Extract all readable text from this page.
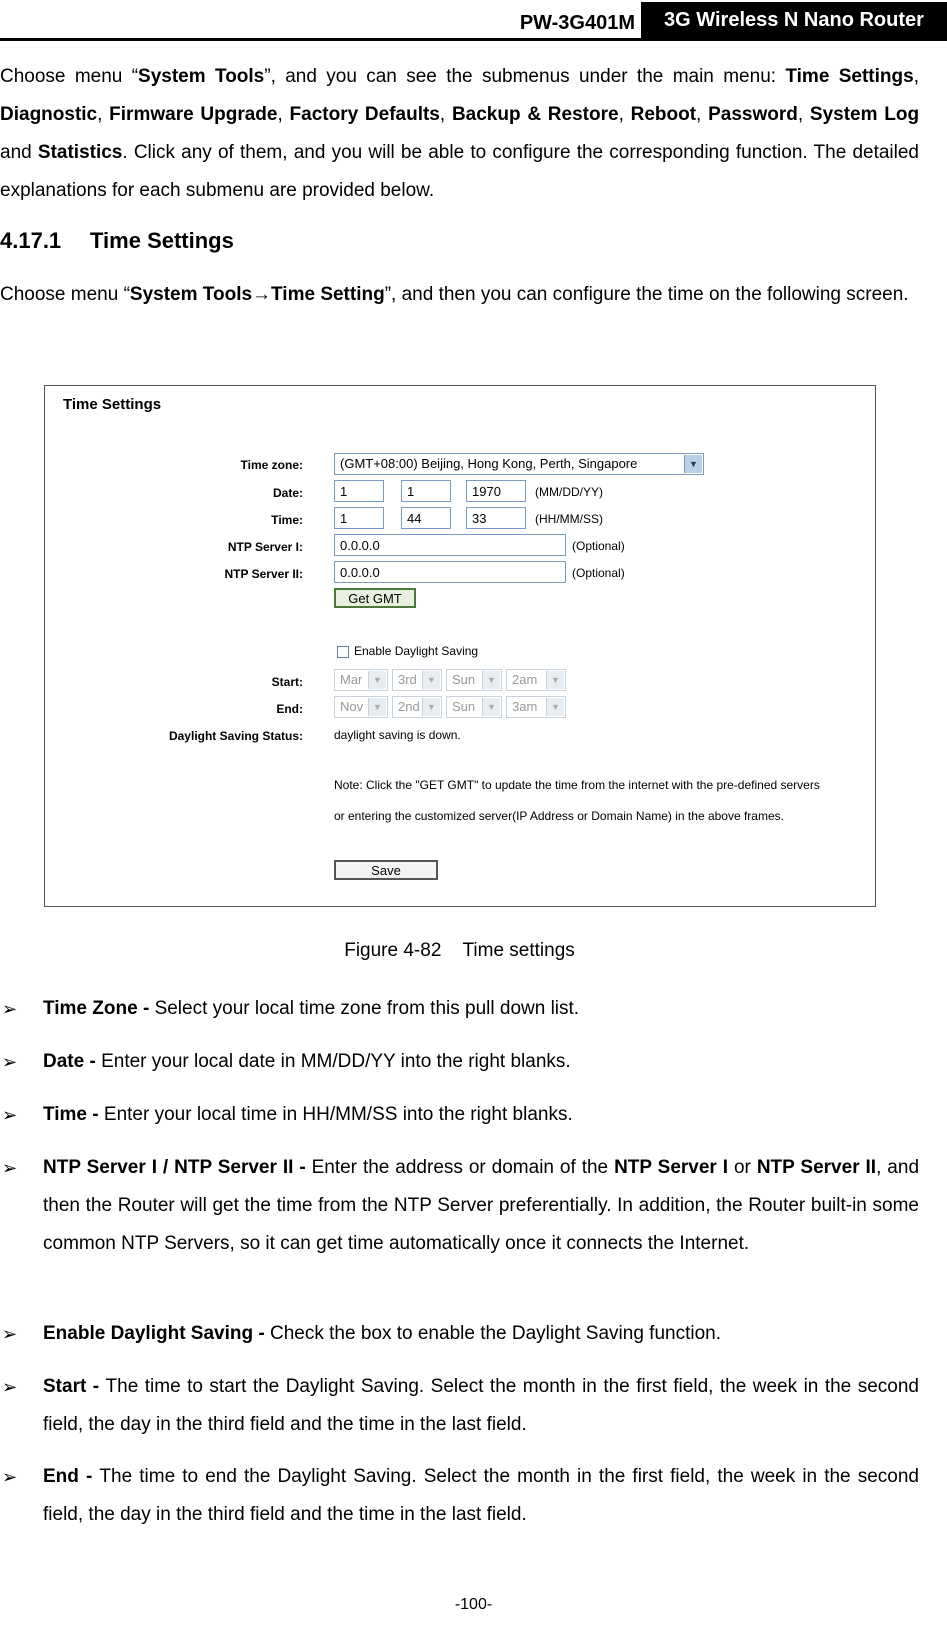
PW-3G401M	3G Wireless N Nano Router
Choose menu “System Tools”, and you can see the submenus under the main menu: Time Settings, Diagnostic, Firmware Upgrade, Factory Defaults, Backup & Restore, Reboot, Password, System Log and Statistics. Click any of them, and you will be able to configure the corresponding function. The detailed explanations for each submenu are provided below.
4.17.1 Time Settings
Choose menu “System Tools→Time Setting”, and then you can configure the time on the following screen.
Time Settings
Time zone:	(GMT+08:00) Beijing, Hong Kong, Perth, Singapore	▼
Date:	1	1	1970	(MM/DD/YY)
Time:	1	44	33	(HH/MM/SS)
NTP Server I:	0.0.0.0	(Optional)
NTP Server II:	0.0.0.0	(Optional)
Get GMT
Enable Daylight Saving
Start:	Mar	▼	3rd	▼	Sun	▼	2am	▼
End:	Nov	▼	2nd ▼	Sun	▼	3am	▼
Daylight Saving Status:	daylight saving is down.
Note: Click the "GET GMT" to update the time from the internet with the pre-defined servers
or entering the customized server(IP Address or Domain Name) in the above frames.
Save
Figure 4-82    Time settings
➢ Time Zone - Select your local time zone from this pull down list.
➢ Date - Enter your local date in MM/DD/YY into the right blanks.
➢ Time - Enter your local time in HH/MM/SS into the right blanks.
➢ NTP Server I / NTP Server II - Enter the address or domain of the NTP Server I or NTP Server II, and then the Router will get the time from the NTP Server preferentially. In addition, the Router built-in some common NTP Servers, so it can get time automatically once it connects the Internet.
➢ Enable Daylight Saving - Check the box to enable the Daylight Saving function.
➢ Start - The time to start the Daylight Saving. Select the month in the first field, the week in the second field, the day in the third field and the time in the last field.
➢ End - The time to end the Daylight Saving. Select the month in the first field, the week in the second field, the day in the third field and the time in the last field.
-100-
